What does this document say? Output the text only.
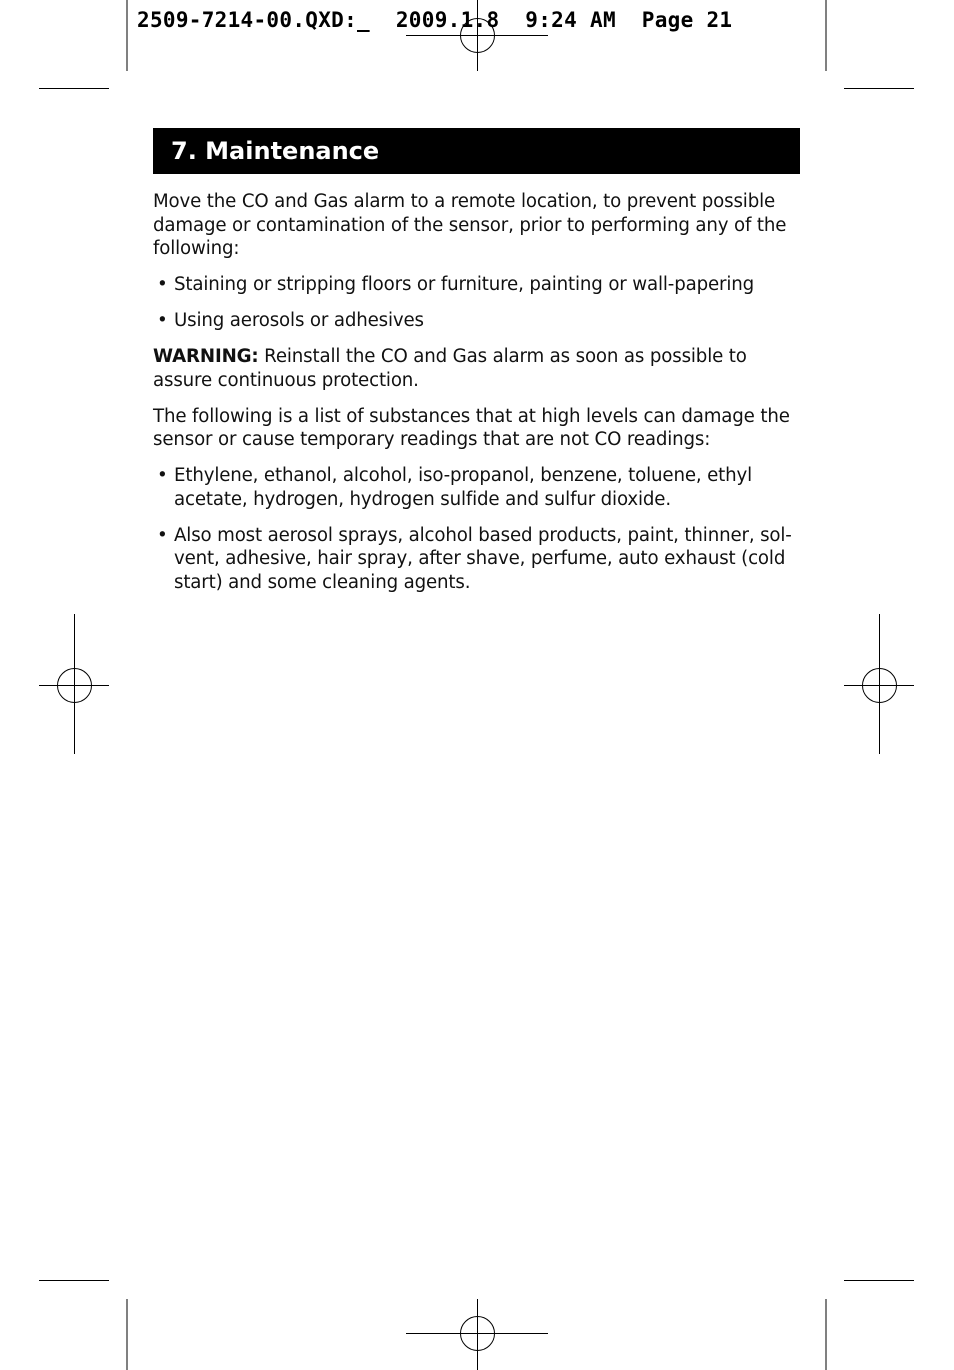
2509-7214-00.QXD:_  2009.1.8  9:24 AM  Page 21
7. Maintenance

Move the CO and Gas alarm to a remote location, to prevent possible damage or contamination of the sensor, prior to performing any of the following:

• Staining or stripping floors or furniture, painting or wall-papering
• Using aerosols or adhesives

WARNING: Reinstall the CO and Gas alarm as soon as possible to assure continuous protection.

The following is a list of substances that at high levels can damage the sensor or cause temporary readings that are not CO readings:

• Ethylene, ethanol, alcohol, iso-propanol, benzene, toluene, ethyl acetate, hydrogen, hydrogen sulfide and sulfur dioxide.
• Also most aerosol sprays, alcohol based products, paint, thinner, sol-vent, adhesive, hair spray, after shave, perfume, auto exhaust (cold start) and some cleaning agents.
